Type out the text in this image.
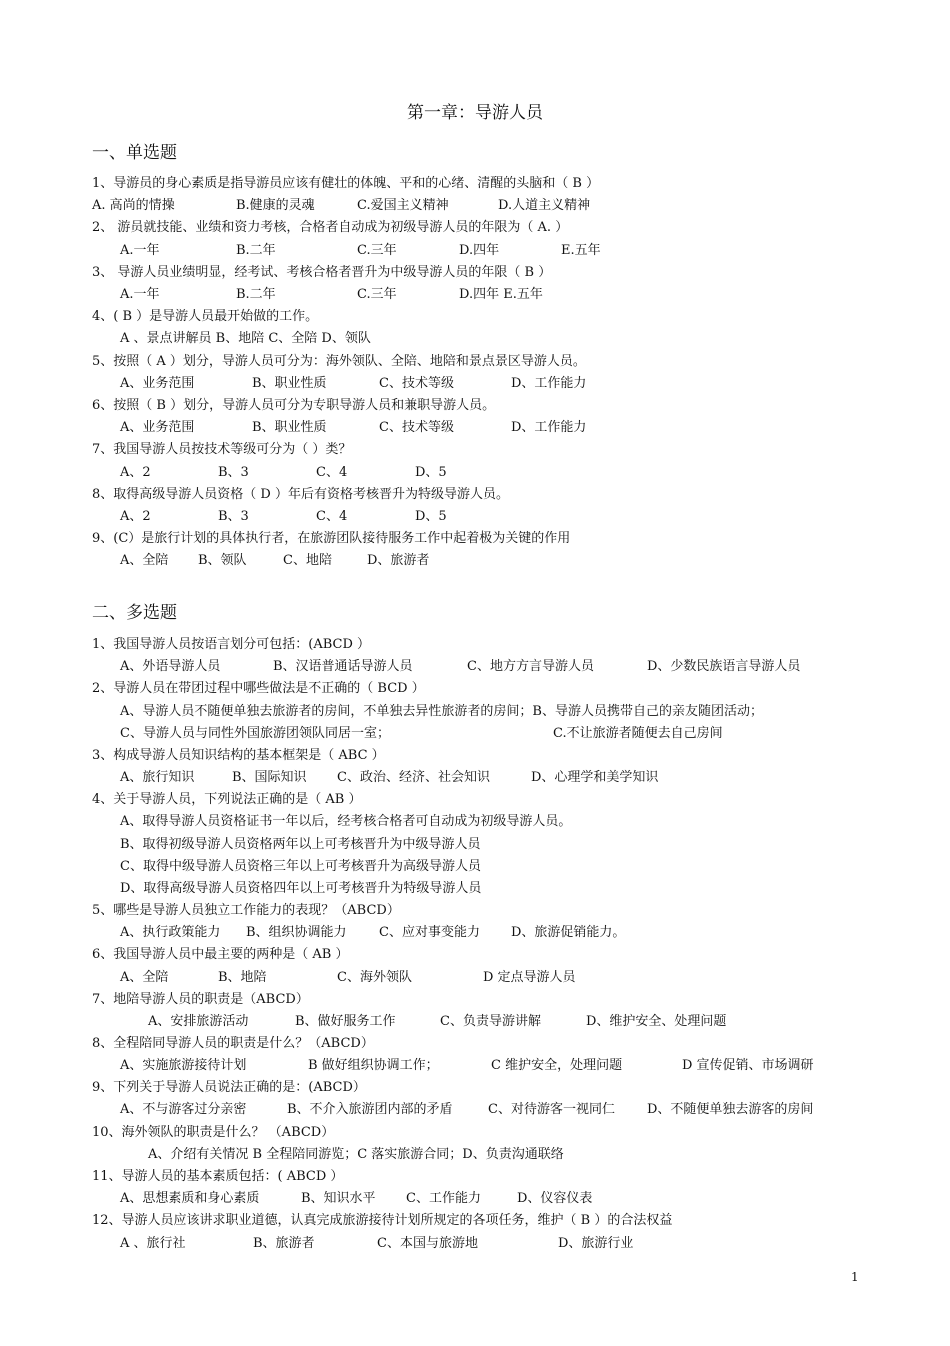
第一章：导游人员
一、单选题
1、导游员的身心素质是指导游员应该有健壮的体魄、平和的心绪、清醒的头脑和（ B ）
A. 高尚的情操	B.健康的灵魂	C.爱国主义精神	D.人道主义精神
2、 游员就技能、业绩和资力考核，合格者自动成为初级导游人员的年限为（ A. ）
A.一年	B.二年	C.三年	D.四年	E.五年
3、 导游人员业绩明显，经考试、考核合格者晋升为中级导游人员的年限（ B ）
A.一年	B.二年	C.三年	D.四年 E.五年
4、( B ）是导游人员最开始做的工作。
A 、景点讲解员 B、地陪 C、全陪 D、领队
5、按照（ A ）划分，导游人员可分为：海外领队、全陪、地陪和景点景区导游人员。
A、业务范围	B、职业性质	C、技术等级	D、工作能力
6、按照（ B ）划分，导游人员可分为专职导游人员和兼职导游人员。
A、业务范围	B、职业性质	C、技术等级	D、工作能力
7、我国导游人员按技术等级可分为（ ）类？
A、2	B、3	C、4	D、5
8、取得高级导游人员资格（ D ）年后有资格考核晋升为特级导游人员。
A、2	B、3	C、4	D、5
9、(C）是旅行计划的具体执行者，在旅游团队接待服务工作中起着极为关键的作用
A、全陪 B、领队	C、地陪	D、旅游者
二、多选题
1、我国导游人员按语言划分可包括：(ABCD ）
A、外语导游人员	B、汉语普通话导游人员	C、地方方言导游人员	D、少数民族语言导游人员
2、导游人员在带团过程中哪些做法是不正确的（ BCD ）
A、导游人员不随便单独去旅游者的房间，不单独去异性旅游者的房间；B、导游人员携带自己的亲友随团活动；
C、导游人员与同性外国旅游团领队同居一室；	C.不让旅游者随便去自己房间
3、构成导游人员知识结构的基本框架是（ ABC ）
A、旅行知识	B、国际知识 C、政治、经济、社会知识	D、心理学和美学知识
4、关于导游人员，下列说法正确的是（ AB ）
A、取得导游人员资格证书一年以后，经考核合格者可自动成为初级导游人员。
B、取得初级导游人员资格两年以上可考核晋升为中级导游人员
C、取得中级导游人员资格三年以上可考核晋升为高级导游人员
D、取得高级导游人员资格四年以上可考核晋升为特级导游人员
5、哪些是导游人员独立工作能力的表现？（ABCD）
A、执行政策能力 B、组织协调能力 C、应对事变能力 D、旅游促销能力。
6、我国导游人员中最主要的两种是（ AB ）
A、全陪	B、地陪	C、海外领队	D 定点导游人员
7、地陪导游人员的职责是（ABCD）
A、安排旅游活动	B、做好服务工作	C、负责导游讲解	D、维护安全、处理问题
8、全程陪同导游人员的职责是什么？（ABCD）
A、实施旅游接待计划	B 做好组织协调工作；	C 维护安全，处理问题	D 宣传促销、市场调研
9、下列关于导游人员说法正确的是：(ABCD）
A、不与游客过分亲密	B、不介入旅游团内部的矛盾	C、对待游客一视同仁 D、不随便单独去游客的房间
10、海外领队的职责是什么？ （ABCD）
A、介绍有关情况 B 全程陪同游览；C 落实旅游合同；D、负责沟通联络
11、导游人员的基本素质包括：( ABCD ）
A、思想素质和身心素质	B、知识水平 C、工作能力	D、仪容仪表
12、导游人员应该讲求职业道德，认真完成旅游接待计划所规定的各项任务，维护（ B ）的合法权益
A 、旅行社	B、旅游者	C、本国与旅游地	D、旅游行业
1
